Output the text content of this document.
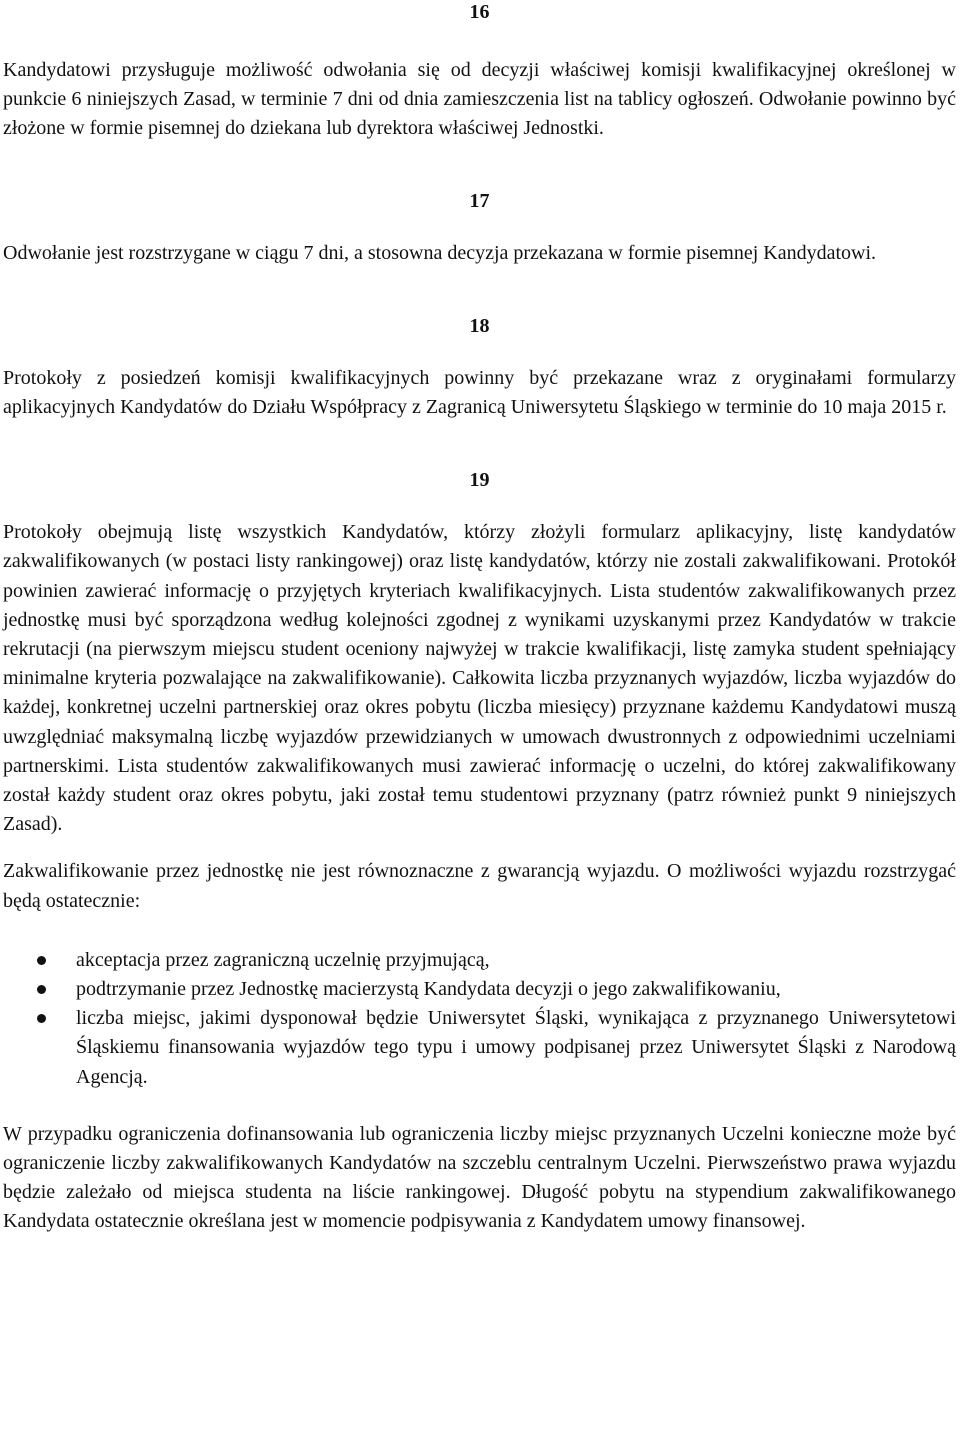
16

Kandydatowi przysługuje możliwość odwołania się od decyzji właściwej komisji kwalifikacyjnej określonej w punkcie 6 niniejszych Zasad, w terminie 7 dni od dnia zamieszczenia list na tablicy ogłoszeń. Odwołanie powinno być złożone w formie pisemnej do dziekana lub dyrektora właściwej Jednostki.

17

Odwołanie jest rozstrzygane w ciągu 7 dni, a stosowna decyzja przekazana w formie pisemnej Kandydatowi.

18

Protokoły z posiedzeń komisji kwalifikacyjnych powinny być przekazane wraz z oryginałami formularzy aplikacyjnych Kandydatów do Działu Współpracy z Zagranicą Uniwersytetu Śląskiego w terminie do 10 maja 2015 r.

19

Protokoły obejmują listę wszystkich Kandydatów, którzy złożyli formularz aplikacyjny, listę kandydatów zakwalifikowanych (w postaci listy rankingowej) oraz listę kandydatów, którzy nie zostali zakwalifikowani. Protokół powinien zawierać informację o przyjętych kryteriach kwalifikacyjnych. Lista studentów zakwalifikowanych przez jednostkę musi być sporządzona według kolejności zgodnej z wynikami uzyskanymi przez Kandydatów w trakcie rekrutacji (na pierwszym miejscu student oceniony najwyżej w trakcie kwalifikacji, listę zamyka student spełniający minimalne kryteria pozwalające na zakwalifikowanie). Całkowita liczba przyznanych wyjazdów, liczba wyjazdów do każdej, konkretnej uczelni partnerskiej oraz okres pobytu (liczba miesięcy) przyznane każdemu Kandydatowi muszą uwzględniać maksymalną liczbę wyjazdów przewidzianych w umowach dwustronnych z odpowiednimi uczelniami partnerskimi. Lista studentów zakwalifikowanych musi zawierać informację o uczelni, do której zakwalifikowany został każdy student oraz okres pobytu, jaki został temu studentowi przyznany (patrz również punkt 9 niniejszych Zasad).

Zakwalifikowanie przez jednostkę nie jest równoznaczne z gwarancją wyjazdu. O możliwości wyjazdu rozstrzygać będą ostatecznie:

akceptacja przez zagraniczną uczelnię przyjmującą,
podtrzymanie przez Jednostkę macierzystą Kandydata decyzji o jego zakwalifikowaniu,
liczba miejsc, jakimi dysponował będzie Uniwersytet Śląski, wynikająca z przyznanego Uniwersytetowi Śląskiemu finansowania wyjazdów tego typu i umowy podpisanej przez Uniwersytet Śląski z Narodową Agencją.

W przypadku ograniczenia dofinansowania lub ograniczenia liczby miejsc przyznanych Uczelni konieczne może być ograniczenie liczby zakwalifikowanych Kandydatów na szczeblu centralnym Uczelni. Pierwszeństwo prawa wyjazdu będzie zależało od miejsca studenta na liście rankingowej. Długość pobytu na stypendium zakwalifikowanego Kandydata ostatecznie określana jest w momencie podpisywania z Kandydatem umowy finansowej.
